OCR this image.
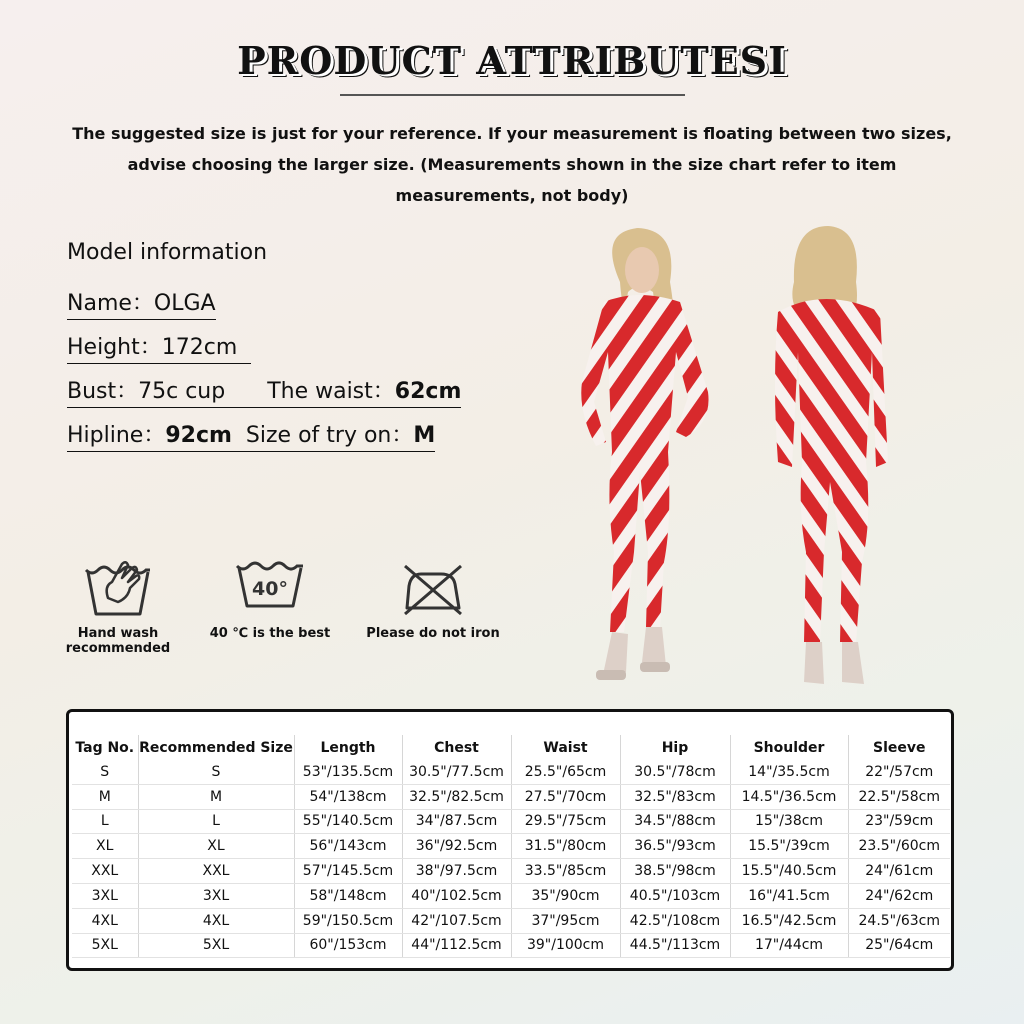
PRODUCT ATTRIBUTESI
The suggested size is just for your reference. If your measurement is floating between two sizes, advise choosing the larger size. (Measurements shown in the size chart refer to item measurements, not body)
Model information
Name：OLGA
Height：172cm
Bust：75c cup The waist：62cm
Hipline：92cm Size of try on：M
Hand wash
recommended
40°
40 ℃ is the best	Please do not iron
Tag No.	Recommended Size	Length	Chest	Waist	Hip	Shoulder	Sleeve
S	S	53"/135.5cm	30.5"/77.5cm	25.5"/65cm	30.5"/78cm	14"/35.5cm	22"/57cm
M	M	54"/138cm	32.5"/82.5cm	27.5"/70cm	32.5"/83cm	14.5"/36.5cm	22.5"/58cm
L	L	55"/140.5cm	34"/87.5cm	29.5"/75cm	34.5"/88cm	15"/38cm	23"/59cm
XL	XL	56"/143cm	36"/92.5cm	31.5"/80cm	36.5"/93cm	15.5"/39cm	23.5"/60cm
XXL	XXL	57"/145.5cm	38"/97.5cm	33.5"/85cm	38.5"/98cm	15.5"/40.5cm	24"/61cm
3XL	3XL	58"/148cm	40"/102.5cm	35"/90cm	40.5"/103cm	16"/41.5cm	24"/62cm
4XL	4XL	59"/150.5cm	42"/107.5cm	37"/95cm	42.5"/108cm	16.5"/42.5cm	24.5"/63cm
5XL	5XL	60"/153cm	44"/112.5cm	39"/100cm	44.5"/113cm	17"/44cm	25"/64cm
